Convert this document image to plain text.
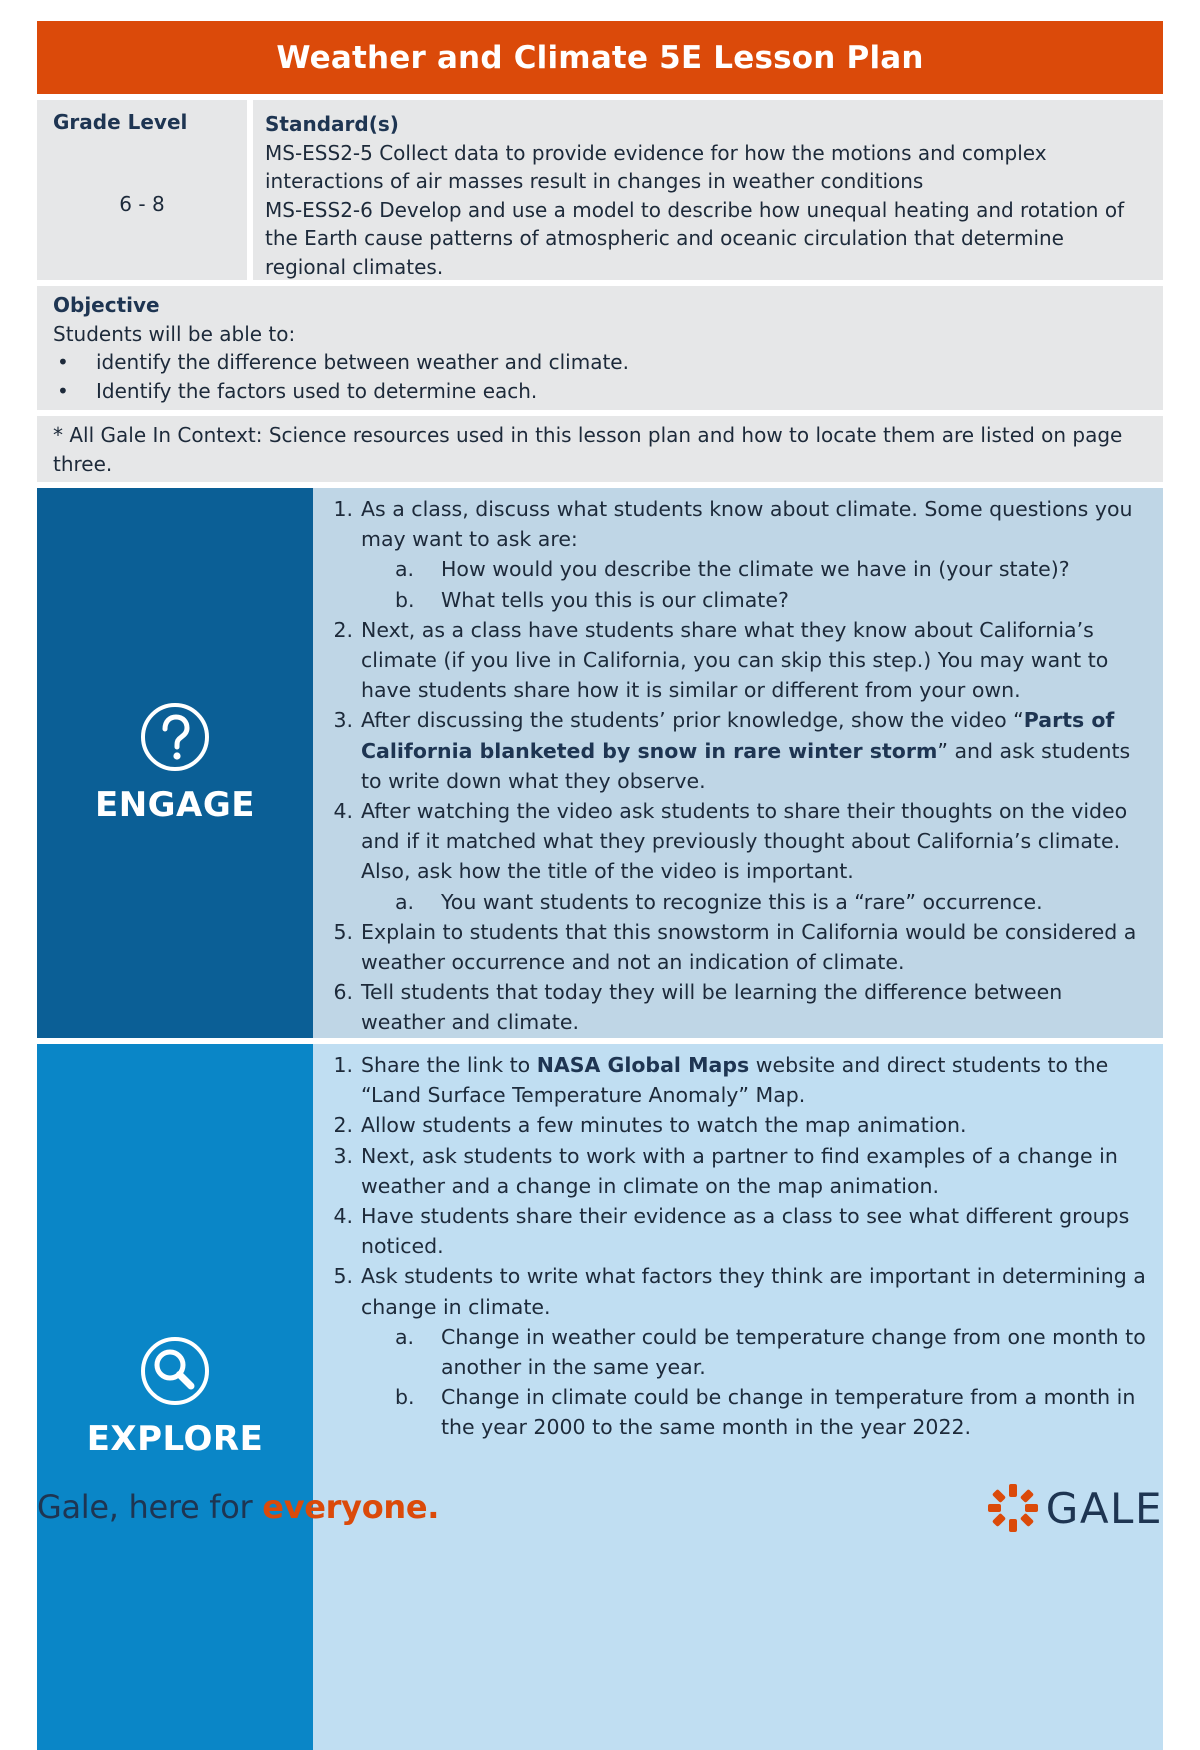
Weather and Climate 5E Lesson Plan
Grade Level
6 - 8
Standard(s)
MS-ESS2-5 Collect data to provide evidence for how the motions and complex interactions of air masses result in changes in weather conditions
MS-ESS2-6 Develop and use a model to describe how unequal heating and rotation of the Earth cause patterns of atmospheric and oceanic circulation that determine regional climates.
Objective
Students will be able to:
• identify the difference between weather and climate.
• Identify the factors used to determine each.
* All Gale In Context: Science resources used in this lesson plan and how to locate them are listed on page three.
ENGAGE
1. As a class, discuss what students know about climate. Some questions you may want to ask are:
a. How would you describe the climate we have in (your state)?
b. What tells you this is our climate?
2. Next, as a class have students share what they know about California’s climate (if you live in California, you can skip this step.) You may want to have students share how it is similar or different from your own.
3. After discussing the students’ prior knowledge, show the video “Parts of California blanketed by snow in rare winter storm” and ask students to write down what they observe.
4. After watching the video ask students to share their thoughts on the video and if it matched what they previously thought about California’s climate. Also, ask how the title of the video is important.
a. You want students to recognize this is a “rare” occurrence.
5. Explain to students that this snowstorm in California would be considered a weather occurrence and not an indication of climate.
6. Tell students that today they will be learning the difference between weather and climate.
EXPLORE
1. Share the link to NASA Global Maps website and direct students to the “Land Surface Temperature Anomaly” Map.
2. Allow students a few minutes to watch the map animation.
3. Next, ask students to work with a partner to find examples of a change in weather and a change in climate on the map animation.
4. Have students share their evidence as a class to see what different groups noticed.
5. Ask students to write what factors they think are important in determining a change in climate.
a. Change in weather could be temperature change from one month to another in the same year.
b. Change in climate could be change in temperature from a month in the year 2000 to the same month in the year 2022.
Gale, here for everyone.	GALE
